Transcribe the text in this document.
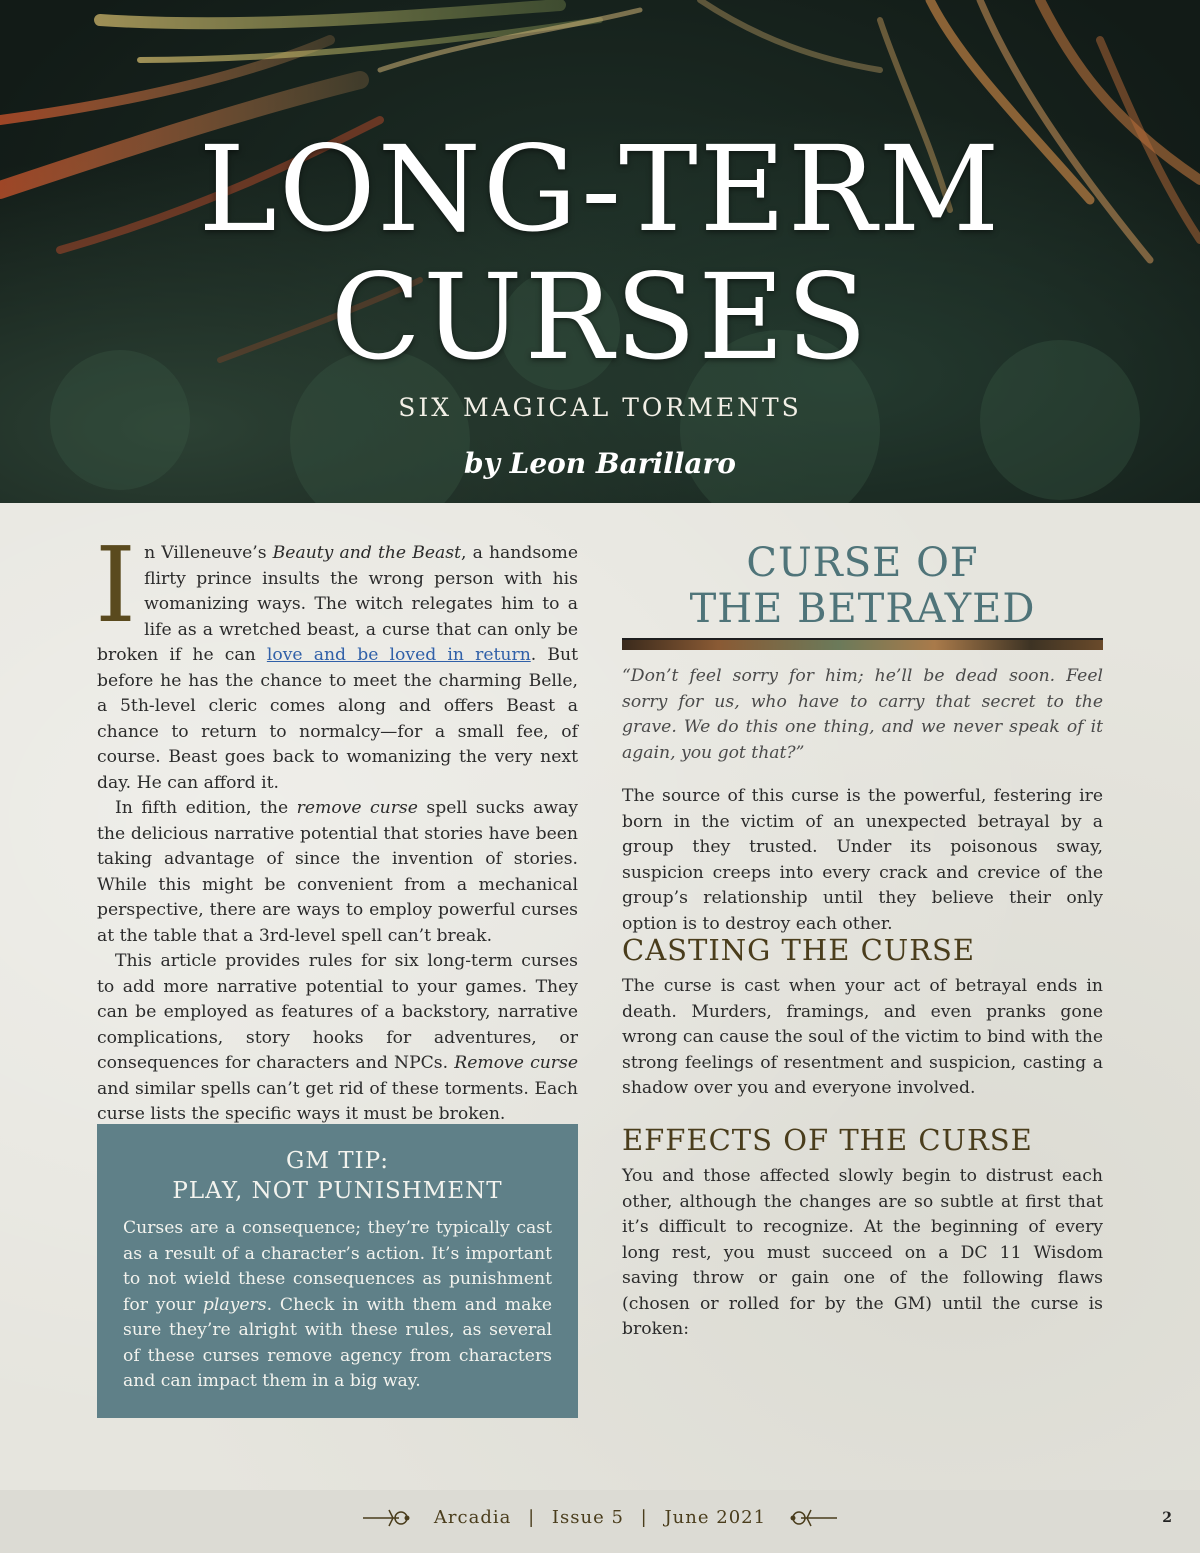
LONG-TERM
CURSES
SIX MAGICAL TORMENTS
by Leon Barillaro

In Villeneuve’s Beauty and the Beast, a handsome flirty prince insults the wrong person with his womanizing ways. The witch relegates him to a life as a wretched beast, a curse that can only be broken if he can love and be loved in return. But before he has the chance to meet the charming Belle, a 5th-level cleric comes along and offers Beast a chance to return to normalcy—for a small fee, of course. Beast goes back to womanizing the very next day. He can afford it.

In fifth edition, the remove curse spell sucks away the delicious narrative potential that stories have been taking advantage of since the invention of stories. While this might be convenient from a mechanical perspective, there are ways to employ powerful curses at the table that a 3rd-level spell can’t break.

This article provides rules for six long-term curses to add more narrative potential to your games. They can be employed as features of a backstory, narrative complications, story hooks for adventures, or consequences for characters and NPCs. Remove curse and similar spells can’t get rid of these torments. Each curse lists the specific ways it must be broken.

GM TIP:
PLAY, NOT PUNISHMENT

Curses are a consequence; they’re typically cast as a result of a character’s action. It’s important to not wield these consequences as punishment for your players. Check in with them and make sure they’re alright with these rules, as several of these curses remove agency from characters and can impact them in a big way.

CURSE OF
THE BETRAYED

“Don’t feel sorry for him; he’ll be dead soon. Feel sorry for us, who have to carry that secret to the grave. We do this one thing, and we never speak of it again, you got that?”

The source of this curse is the powerful, festering ire born in the victim of an unexpected betrayal by a group they trusted. Under its poisonous sway, suspicion creeps into every crack and crevice of the group’s relationship until they believe their only option is to destroy each other.

CASTING THE CURSE

The curse is cast when your act of betrayal ends in death. Murders, framings, and even pranks gone wrong can cause the soul of the victim to bind with the strong feelings of resentment and suspicion, casting a shadow over you and everyone involved.

EFFECTS OF THE CURSE

You and those affected slowly begin to distrust each other, although the changes are so subtle at first that it’s difficult to recognize. At the beginning of every long rest, you must succeed on a DC 11 Wisdom saving throw or gain one of the following flaws (chosen or rolled for by the GM) until the curse is broken:

Arcadia | Issue 5 | June 2021	2
